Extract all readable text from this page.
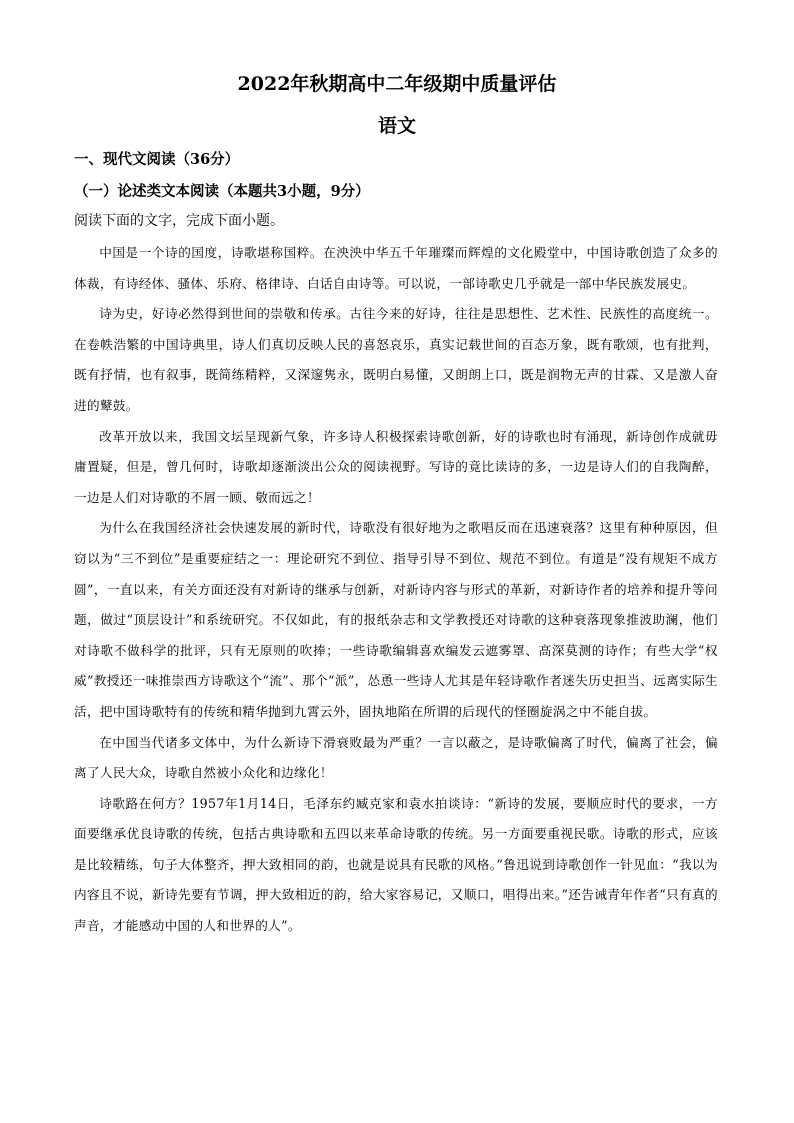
2022年秋期高中二年级期中质量评估
语文
一、现代文阅读（36分）
（一）论述类文本阅读（本题共3小题，9分）
阅读下面的文字，完成下面小题。

中国是一个诗的国度，诗歌堪称国粹。在泱泱中华五千年璀璨而辉煌的文化殿堂中，中国诗歌创造了众多的体裁，有诗经体、骚体、乐府、格律诗、白话自由诗等。可以说，一部诗歌史几乎就是一部中华民族发展史。

诗为史，好诗必然得到世间的崇敬和传承。古往今来的好诗，往往是思想性、艺术性、民族性的高度统一。在卷帙浩繁的中国诗典里，诗人们真切反映人民的喜怒哀乐，真实记载世间的百态万象，既有歌颂，也有批判，既有抒情，也有叙事，既简练精粹，又深邃隽永，既明白易懂，又朗朗上口，既是润物无声的甘霖、又是激人奋进的鼙鼓。

改革开放以来，我国文坛呈现新气象，许多诗人积极探索诗歌创新，好的诗歌也时有涌现，新诗创作成就毋庸置疑，但是，曾几何时，诗歌却逐渐淡出公众的阅读视野。写诗的竟比读诗的多，一边是诗人们的自我陶醉，一边是人们对诗歌的不屑一顾、敬而远之！

为什么在我国经济社会快速发展的新时代，诗歌没有很好地为之歌唱反而在迅速衰落？这里有种种原因，但窃以为“三不到位”是重要症结之一：理论研究不到位、指导引导不到位、规范不到位。有道是“没有规矩不成方圆”，一直以来，有关方面还没有对新诗的继承与创新，对新诗内容与形式的革新，对新诗作者的培养和提升等问题，做过“顶层设计”和系统研究。不仅如此，有的报纸杂志和文学教授还对诗歌的这种衰落现象推波助澜，他们对诗歌不做科学的批评，只有无原则的吹捧；一些诗歌编辑喜欢编发云遮雾罩、高深莫测的诗作；有些大学“权威”教授还一味推崇西方诗歌这个“流”、那个“派”，怂恿一些诗人尤其是年轻诗歌作者迷失历史担当、远离实际生活，把中国诗歌特有的传统和精华抛到九霄云外，固执地陷在所谓的后现代的怪圈旋涡之中不能自拔。

在中国当代诸多文体中，为什么新诗下滑衰败最为严重？一言以蔽之，是诗歌偏离了时代，偏离了社会，偏离了人民大众，诗歌自然被小众化和边缘化！

诗歌路在何方？1957年1月14日，毛泽东约臧克家和袁水拍谈诗：“新诗的发展，要顺应时代的要求，一方面要继承优良诗歌的传统，包括古典诗歌和五四以来革命诗歌的传统。另一方面要重视民歌。诗歌的形式，应该是比较精练，句子大体整齐，押大致相同的韵，也就是说具有民歌的风格。”鲁迅说到诗歌创作一针见血：“我以为内容且不说，新诗先要有节调，押大致相近的韵，给大家容易记，又顺口，唱得出来。”还告诫青年作者“只有真的声音，才能感动中国的人和世界的人”。
